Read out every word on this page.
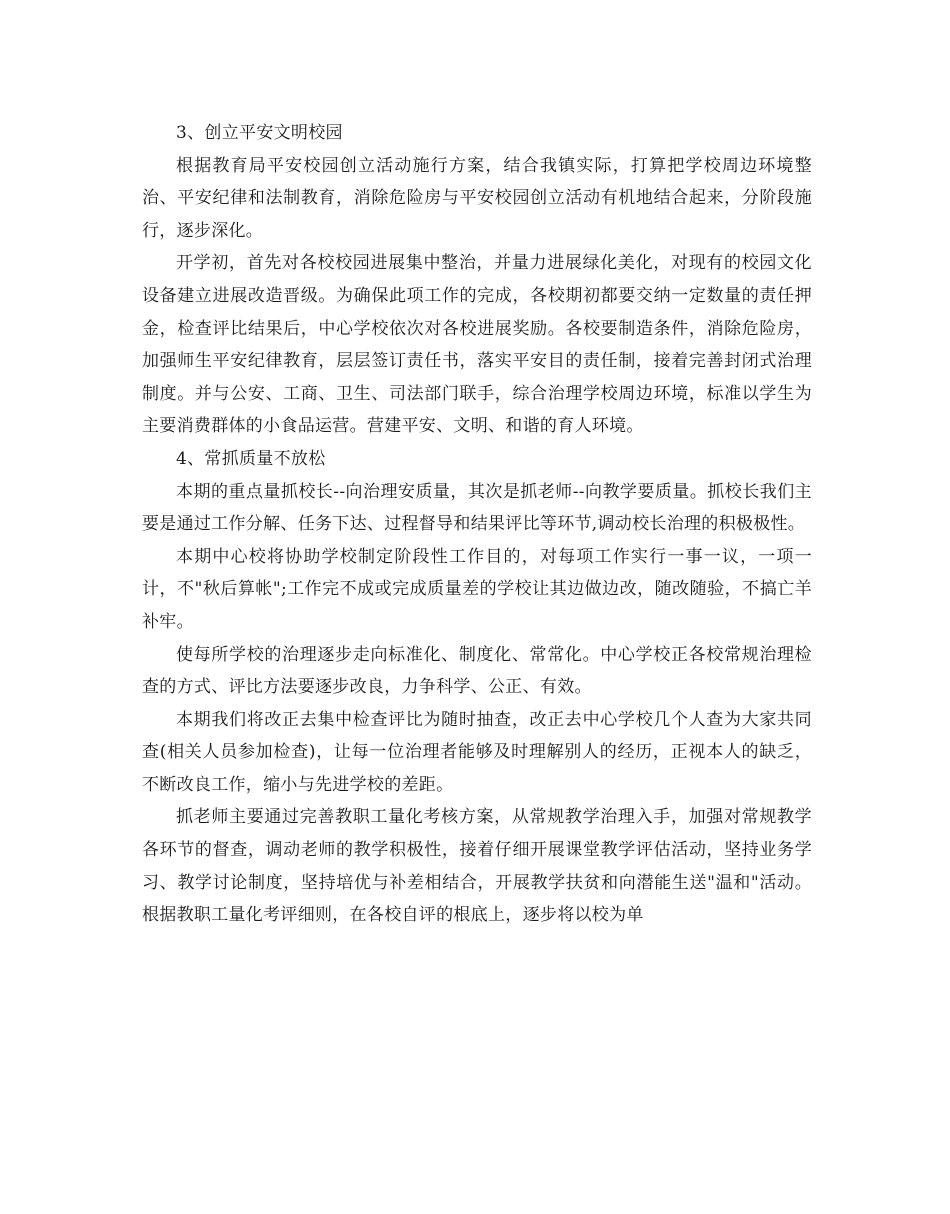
3、创立平安文明校园

根据教育局平安校园创立活动施行方案，结合我镇实际，打算把学校周边环境整治、平安纪律和法制教育，消除危险房与平安校园创立活动有机地结合起来，分阶段施行，逐步深化。

开学初，首先对各校校园进展集中整治，并量力进展绿化美化，对现有的校园文化设备建立进展改造晋级。为确保此项工作的完成，各校期初都要交纳一定数量的责任押金，检查评比结果后，中心学校依次对各校进展奖励。各校要制造条件，消除危险房，加强师生平安纪律教育，层层签订责任书，落实平安目的责任制，接着完善封闭式治理制度。并与公安、工商、卫生、司法部门联手，综合治理学校周边环境，标准以学生为主要消费群体的小食品运营。营建平安、文明、和谐的育人环境。

4、常抓质量不放松

本期的重点量抓校长--向治理安质量，其次是抓老师--向教学要质量。抓校长我们主要是通过工作分解、任务下达、过程督导和结果评比等环节,调动校长治理的积极极性。

本期中心校将协助学校制定阶段性工作目的，对每项工作实行一事一议，一项一计，不"秋后算帐";工作完不成或完成质量差的学校让其边做边改，随改随验，不搞亡羊补牢。

使每所学校的治理逐步走向标准化、制度化、常常化。中心学校正各校常规治理检查的方式、评比方法要逐步改良，力争科学、公正、有效。

本期我们将改正去集中检查评比为随时抽查，改正去中心学校几个人查为大家共同查(相关人员参加检查)，让每一位治理者能够及时理解别人的经历，正视本人的缺乏，不断改良工作，缩小与先进学校的差距。

抓老师主要通过完善教职工量化考核方案，从常规教学治理入手，加强对常规教学各环节的督查，调动老师的教学积极性，接着仔细开展课堂教学评估活动，坚持业务学习、教学讨论制度，坚持培优与补差相结合，开展教学扶贫和向潜能生送"温和"活动。根据教职工量化考评细则，在各校自评的根底上，逐步将以校为单
